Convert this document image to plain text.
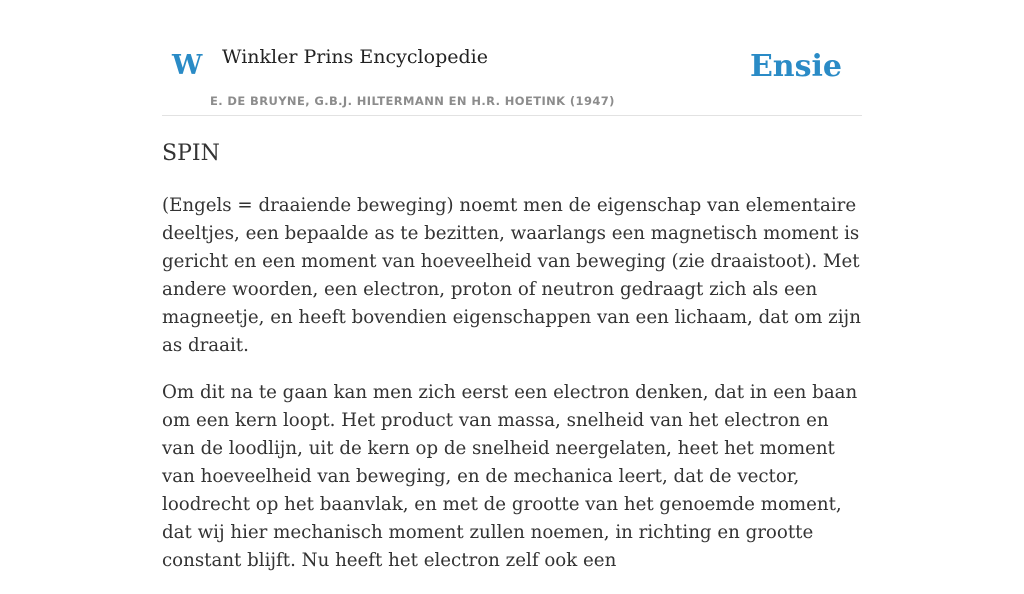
W Winkler Prins Encyclopedie
E. DE BRUYNE, G.B.J. HILTERMANN EN H.R. HOETINK (1947)
Ensie
SPIN

(Engels = draaiende beweging) noemt men de eigenschap van elementaire deeltjes, een bepaalde as te bezitten, waarlangs een magnetisch moment is gericht en een moment van hoeveelheid van beweging (zie draaistoot). Met andere woorden, een electron, proton of neutron gedraagt zich als een magneetje, en heeft bovendien eigenschappen van een lichaam, dat om zijn as draait.

Om dit na te gaan kan men zich eerst een electron denken, dat in een baan om een kern loopt. Het product van massa, snelheid van het electron en van de loodlijn, uit de kern op de snelheid neergelaten, heet het moment van hoeveelheid van beweging, en de mechanica leert, dat de vector, loodrecht op het baanvlak, en met de grootte van het genoemde moment, dat wij hier mechanisch moment zullen noemen, in richting en grootte constant blijft. Nu heeft het electron zelf ook een
